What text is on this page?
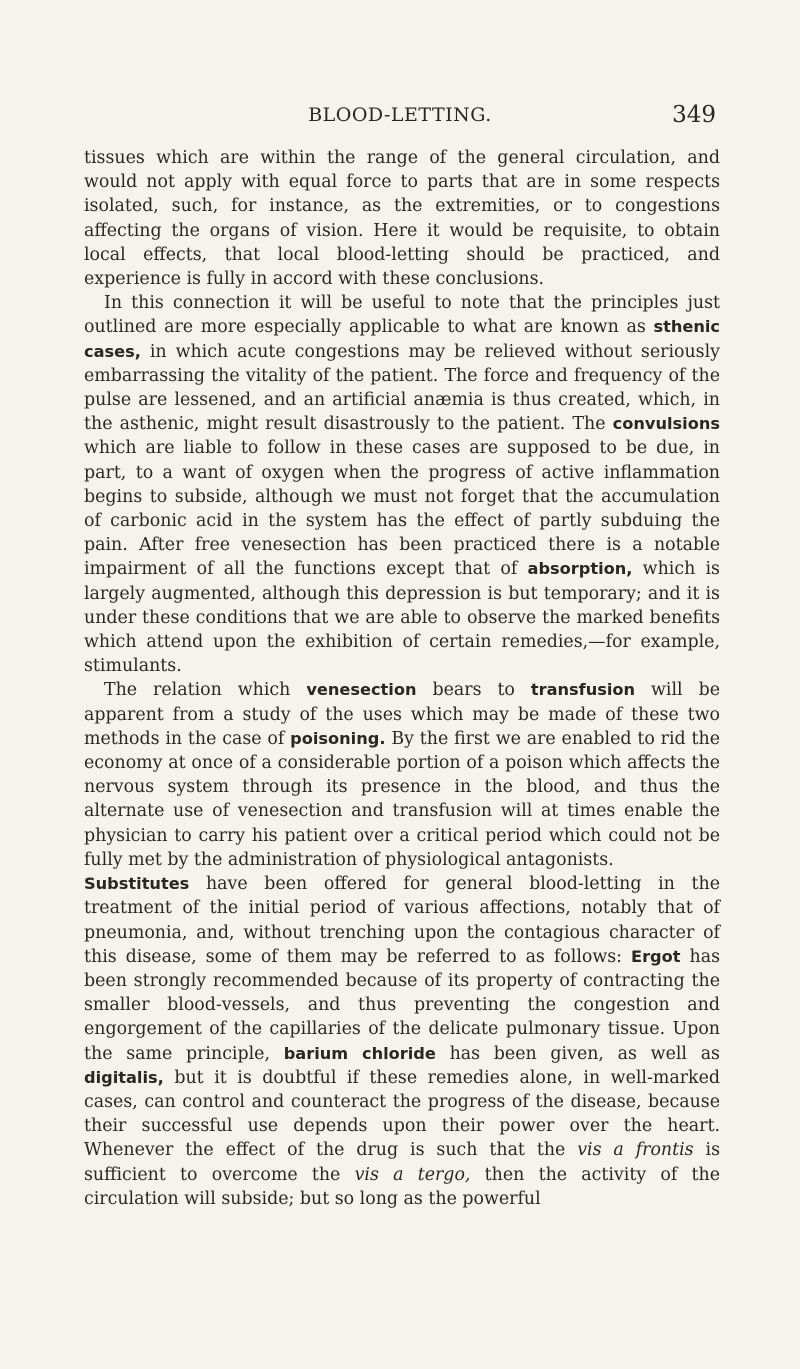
BLOOD-LETTING.	349

tissues which are within the range of the general circulation, and would not apply with equal force to parts that are in some respects isolated, such, for instance, as the extremities, or to congestions affecting the organs of vision. Here it would be requisite, to obtain local effects, that local blood-letting should be practiced, and experience is fully in accord with these conclusions.

In this connection it will be useful to note that the principles just outlined are more especially applicable to what are known as sthenic cases, in which acute congestions may be relieved without seriously embarrassing the vitality of the patient. The force and frequency of the pulse are lessened, and an artificial anæmia is thus created, which, in the asthenic, might result disastrously to the patient. The convulsions which are liable to follow in these cases are supposed to be due, in part, to a want of oxygen when the progress of active inflammation begins to subside, although we must not forget that the accumulation of carbonic acid in the system has the effect of partly subduing the pain. After free venesection has been practiced there is a notable impairment of all the functions except that of absorption, which is largely augmented, although this depression is but temporary; and it is under these conditions that we are able to observe the marked benefits which attend upon the exhibition of certain remedies,—for example, stimulants.

The relation which venesection bears to transfusion will be apparent from a study of the uses which may be made of these two methods in the case of poisoning. By the first we are enabled to rid the economy at once of a considerable portion of a poison which affects the nervous system through its presence in the blood, and thus the alternate use of venesection and transfusion will at times enable the physician to carry his patient over a critical period which could not be fully met by the administration of physiological antagonists.

Substitutes have been offered for general blood-letting in the treatment of the initial period of various affections, notably that of pneumonia, and, without trenching upon the contagious character of this disease, some of them may be referred to as follows: Ergot has been strongly recommended because of its property of contracting the smaller blood-vessels, and thus preventing the congestion and engorgement of the capillaries of the delicate pulmonary tissue. Upon the same principle, barium chloride has been given, as well as digitalis, but it is doubtful if these remedies alone, in well-marked cases, can control and counteract the progress of the disease, because their successful use depends upon their power over the heart. Whenever the effect of the drug is such that the vis a frontis is sufficient to overcome the vis a tergo, then the activity of the circulation will subside; but so long as the powerful
